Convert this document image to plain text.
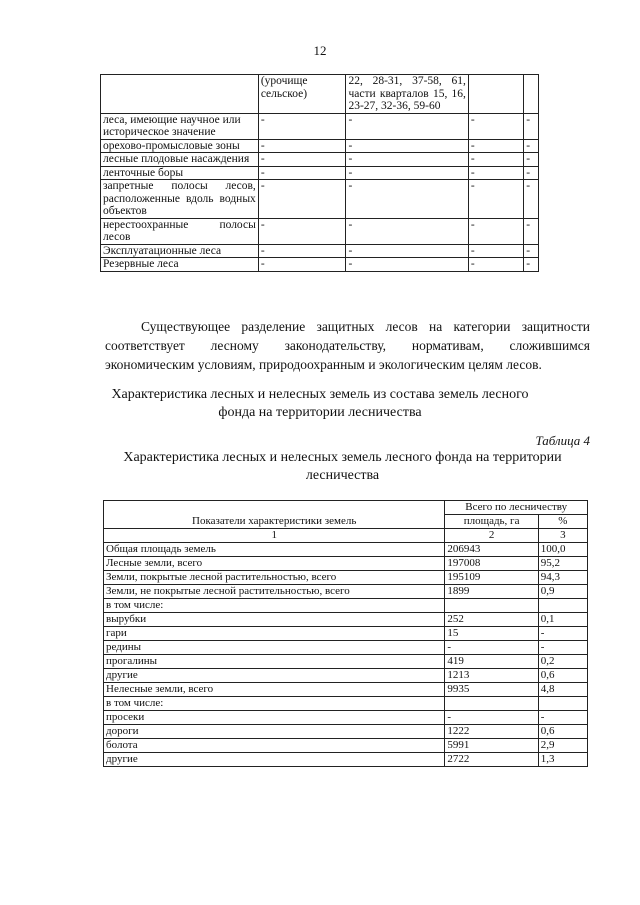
12
	(урочище сельское)	22, 28-31, 37-58, 61, части кварталов 15, 16, 23-27, 32-36, 59-60		
леса, имеющие научное или историческое значение	-	-	-	-
орехово-промысловые зоны	-	-	-	-
лесные плодовые насаждения	-	-	-	-
ленточные боры	-	-	-	-
запретные полосы лесов, расположенные вдоль водных объектов	-	-	-	-
нерестоохранные полосы лесов	-	-	-	-
Эксплуатационные леса	-	-	-	-
Резервные леса	-	-	-	-
Существующее разделение защитных лесов на категории защитности соответствует лесному законодательству, нормативам, сложившимся экономическим условиям, природоохранным и экологическим целям лесов.
Характеристика лесных и нелесных земель из состава земель лесного фонда на территории лесничества
Таблица 4
Характеристика лесных и нелесных земель лесного фонда на территории лесничества
Показатели характеристики земель	Всего по лесничеству	
	площадь, га	%
1	2	3
Общая площадь земель	206943	100,0
Лесные земли, всего	197008	95,2
Земли, покрытые лесной растительностью, всего	195109	94,3
Земли, не покрытые лесной растительностью, всего	1899	0,9
в том числе:		
вырубки	252	0,1
гари	15	-
редины	-	-
прогалины	419	0,2
другие	1213	0,6
Нелесные земли, всего	9935	4,8
в том числе:		
просеки	-	-
дороги	1222	0,6
болота	5991	2,9
другие	2722	1,3
